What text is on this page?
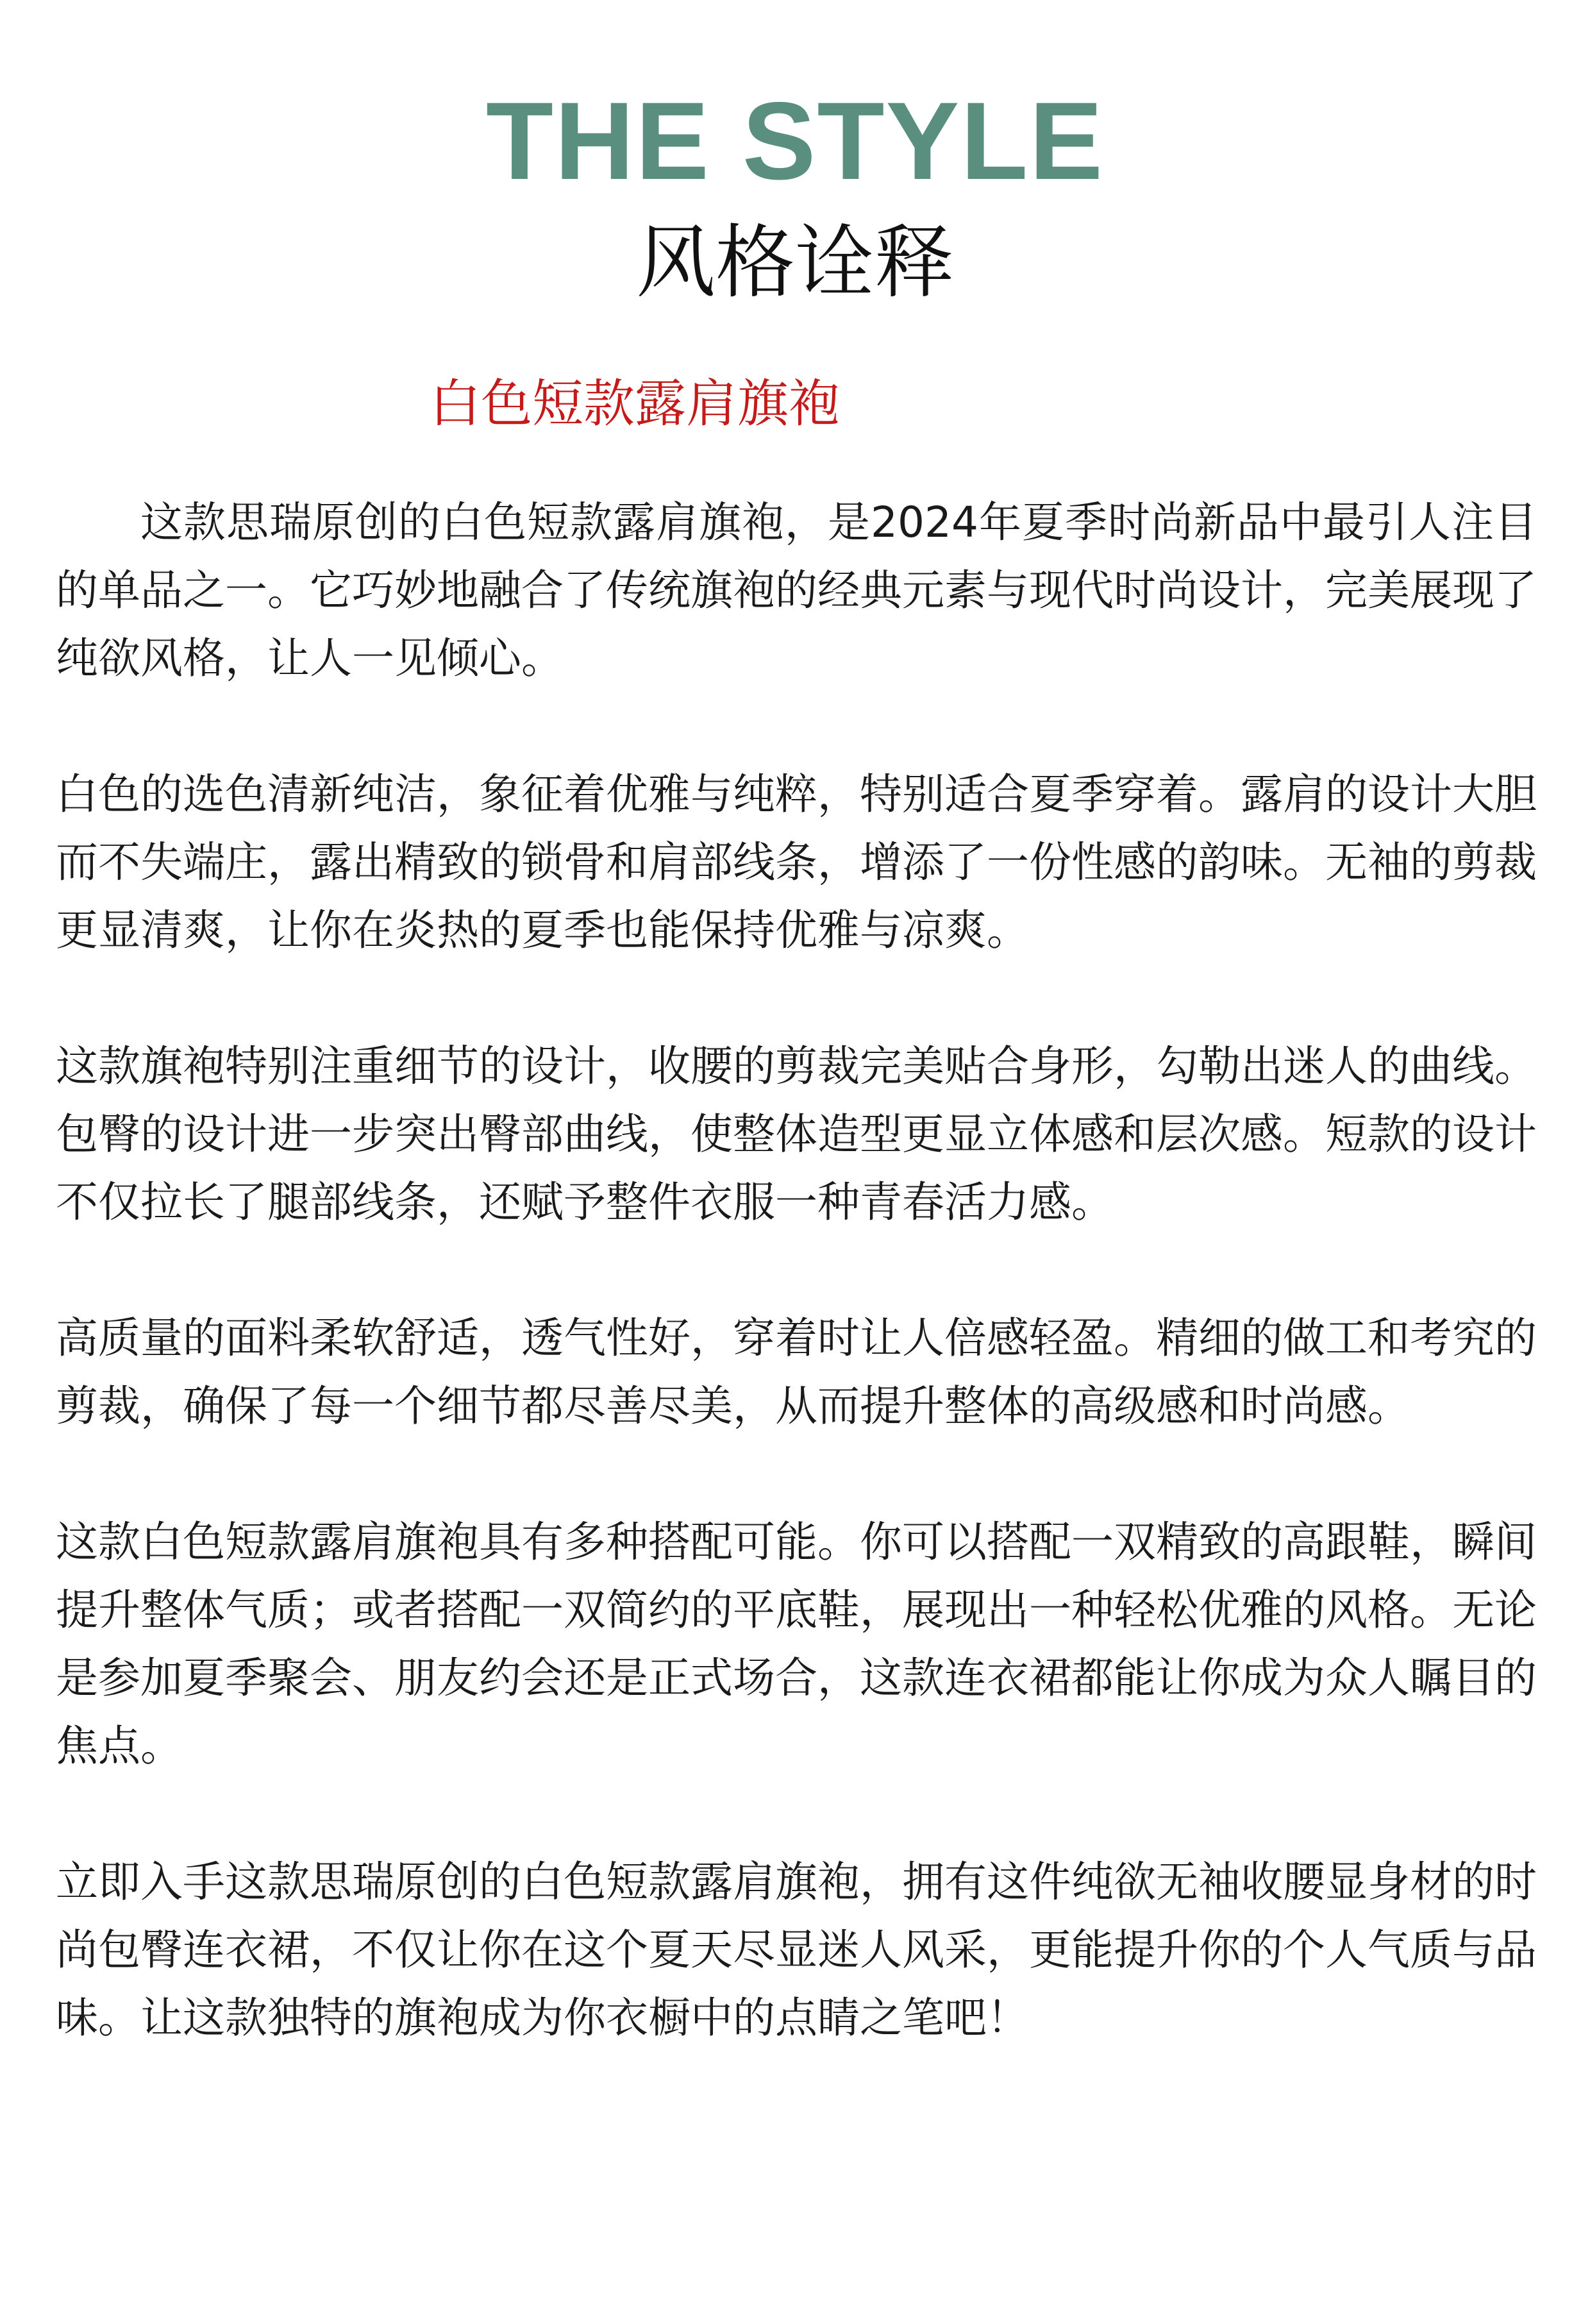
THE STYLE
风格诠释
白色短款露肩旗袍

这款思瑞原创的白色短款露肩旗袍，是2024年夏季时尚新品中最引人注目的单品之一。它巧妙地融合了传统旗袍的经典元素与现代时尚设计，完美展现了纯欲风格，让人一见倾心。

白色的选色清新纯洁，象征着优雅与纯粹，特别适合夏季穿着。露肩的设计大胆而不失端庄，露出精致的锁骨和肩部线条，增添了一份性感的韵味。无袖的剪裁更显清爽，让你在炎热的夏季也能保持优雅与凉爽。

这款旗袍特别注重细节的设计，收腰的剪裁完美贴合身形，勾勒出迷人的曲线。包臀的设计进一步突出臀部曲线，使整体造型更显立体感和层次感。短款的设计不仅拉长了腿部线条，还赋予整件衣服一种青春活力感。

高质量的面料柔软舒适，透气性好，穿着时让人倍感轻盈。精细的做工和考究的剪裁，确保了每一个细节都尽善尽美，从而提升整体的高级感和时尚感。

这款白色短款露肩旗袍具有多种搭配可能。你可以搭配一双精致的高跟鞋，瞬间提升整体气质；或者搭配一双简约的平底鞋，展现出一种轻松优雅的风格。无论是参加夏季聚会、朋友约会还是正式场合，这款连衣裙都能让你成为众人瞩目的焦点。

立即入手这款思瑞原创的白色短款露肩旗袍，拥有这件纯欲无袖收腰显身材的时尚包臀连衣裙，不仅让你在这个夏天尽显迷人风采，更能提升你的个人气质与品味。让这款独特的旗袍成为你衣橱中的点睛之笔吧！
